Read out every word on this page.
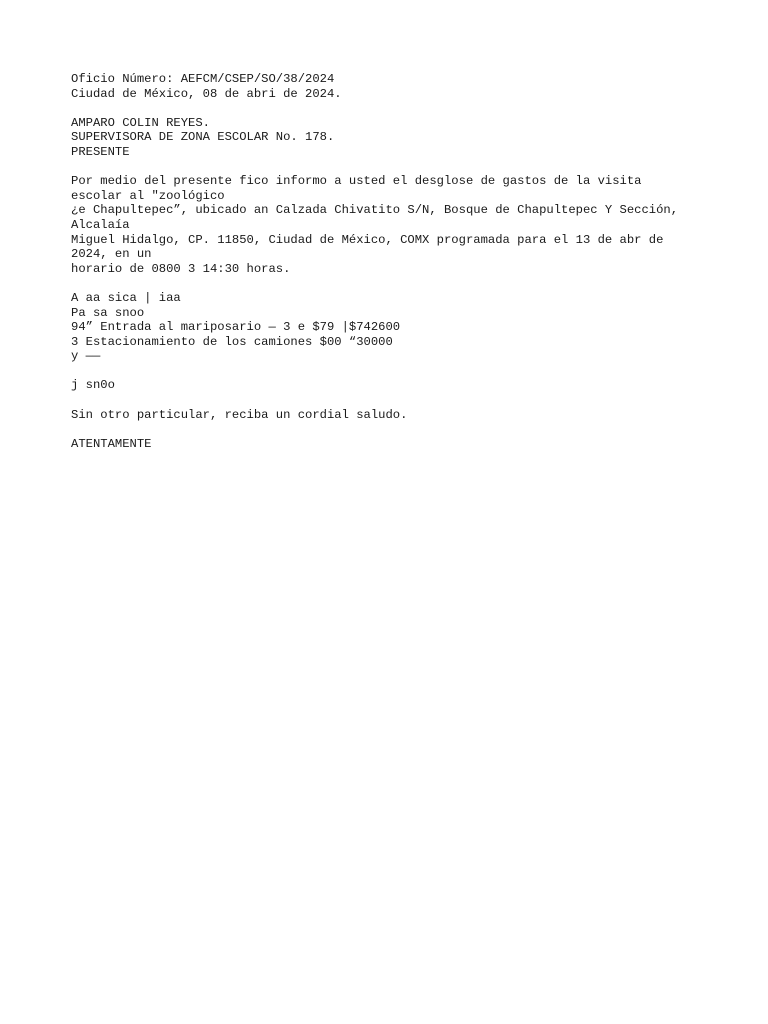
Oficio Número: AEFCM/CSEP/SO/38/2024
Ciudad de México, 08 de abri de 2024.
AMPARO COLIN REYES.
SUPERVISORA DE ZONA ESCOLAR No. 178.
PRESENTE
Por medio del presente fico informo a usted el desglose de gastos de la visita
escolar al "zoológico
¿e Chapultepec”, ubicado an Calzada Chivatito S/N, Bosque de Chapultepec Y Sección,
Alcalaía
Miguel Hidalgo, CP. 11850, Ciudad de México, COMX programada para el 13 de abr de
2024, en un
horario de 0800 3 14:30 horas.
A aa sica | iaa
Pa sa snoo
94” Entrada al mariposario — 3 e $79 |$742600
3 Estacionamiento de los camiones $00 “30000
y ——
j sn0o
Sin otro particular, reciba un cordial saludo.
ATENTAMENTE
